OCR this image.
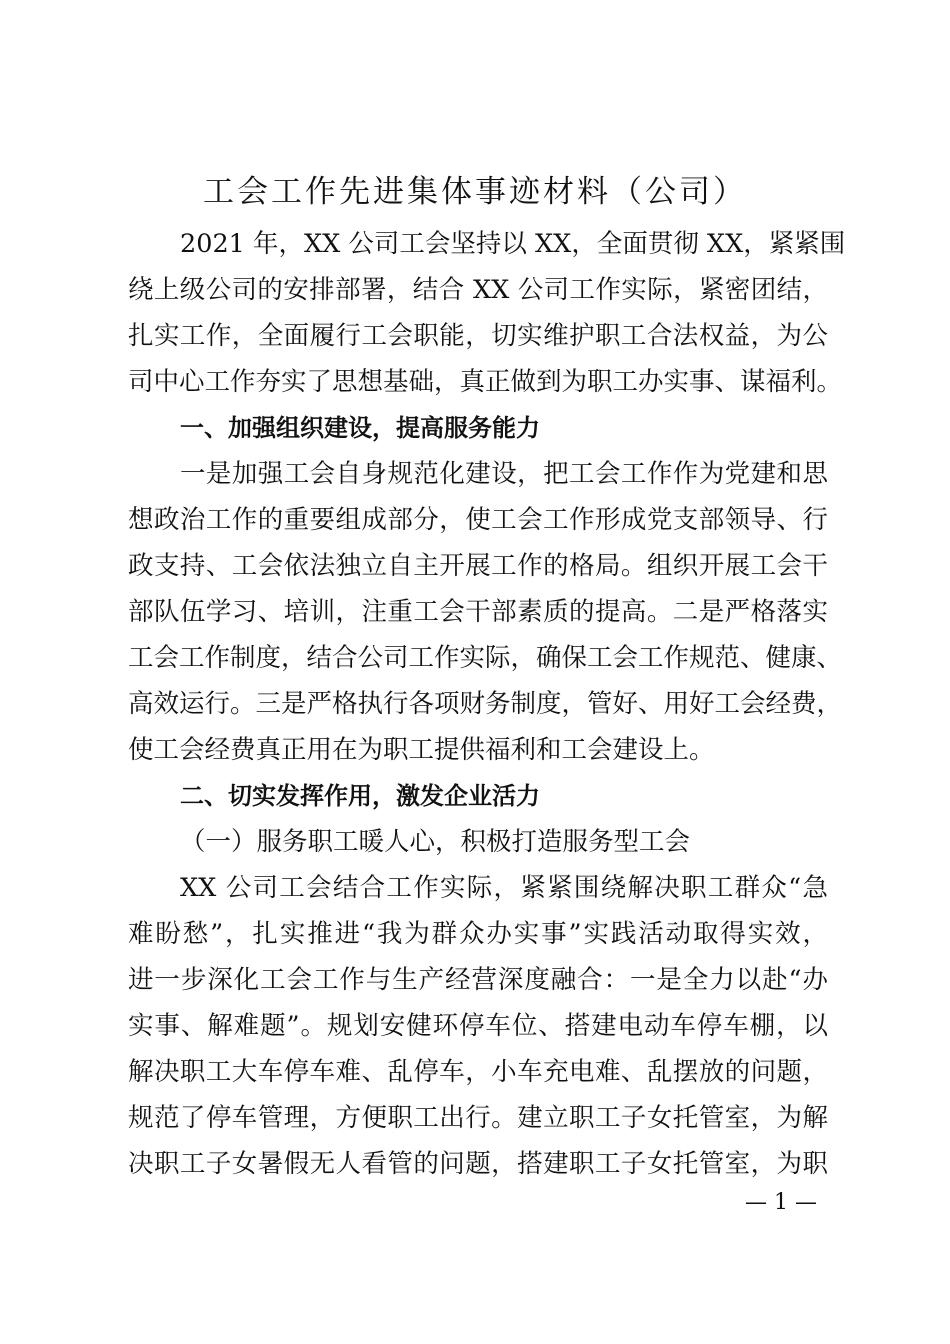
工会工作先进集体事迹材料（公司）
2021 年，XX 公司工会坚持以 XX，全面贯彻 XX，紧紧围
绕上级公司的安排部署，结合 XX 公司工作实际，紧密团结，
扎实工作，全面履行工会职能，切实维护职工合法权益，为公
司中心工作夯实了思想基础，真正做到为职工办实事、谋福利。
一、加强组织建设，提高服务能力
一是加强工会自身规范化建设，把工会工作作为党建和思
想政治工作的重要组成部分，使工会工作形成党支部领导、行
政支持、工会依法独立自主开展工作的格局。组织开展工会干
部队伍学习、培训，注重工会干部素质的提高。二是严格落实
工会工作制度，结合公司工作实际，确保工会工作规范、健康、
高效运行。三是严格执行各项财务制度，管好、用好工会经费，
使工会经费真正用在为职工提供福利和工会建设上。
二、切实发挥作用，激发企业活力
（一）服务职工暖人心，积极打造服务型工会
XX 公司工会结合工作实际，紧紧围绕解决职工群众“急
难盼愁”，扎实推进“我为群众办实事”实践活动取得实效，
进一步深化工会工作与生产经营深度融合：一是全力以赴“办
实事、解难题”。规划安健环停车位、搭建电动车停车棚，以
解决职工大车停车难、乱停车，小车充电难、乱摆放的问题，
规范了停车管理，方便职工出行。建立职工子女托管室，为解
决职工子女暑假无人看管的问题，搭建职工子女托管室，为职
— 1 —
